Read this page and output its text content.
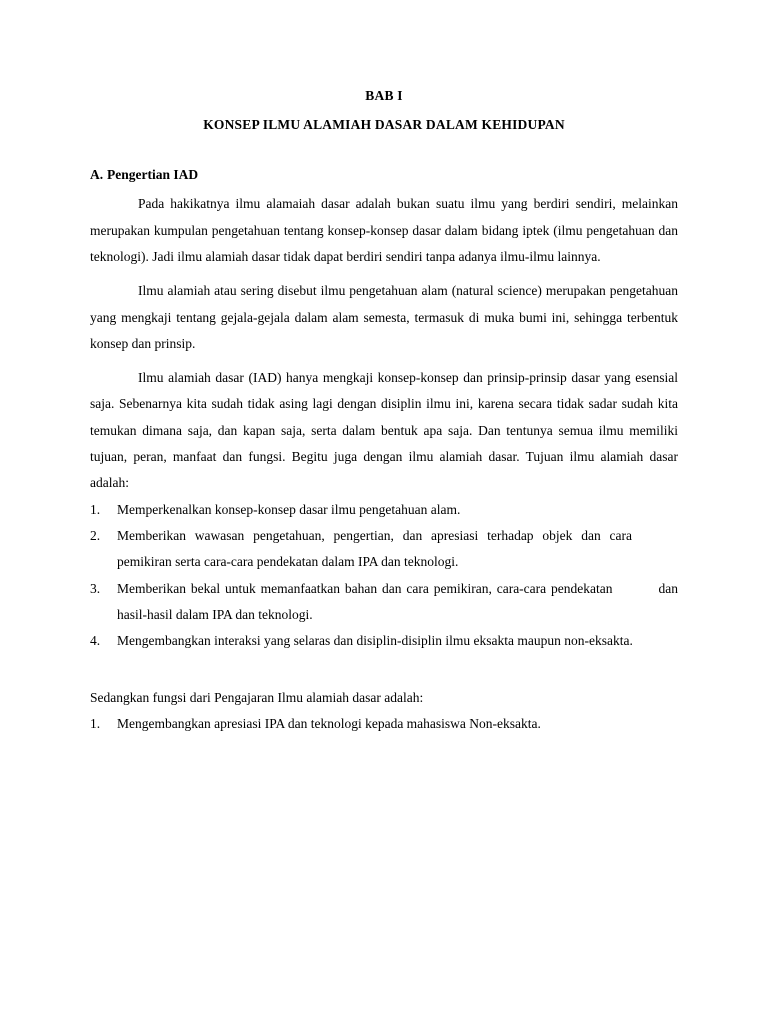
BAB I
KONSEP ILMU ALAMIAH DASAR DALAM KEHIDUPAN
A. Pengertian IAD

Pada hakikatnya ilmu alamaiah dasar adalah bukan suatu ilmu yang berdiri sendiri, melainkan merupakan kumpulan pengetahuan tentang konsep-konsep dasar dalam bidang iptek (ilmu pengetahuan dan teknologi). Jadi ilmu alamiah dasar tidak dapat berdiri sendiri tanpa adanya ilmu-ilmu lainnya.

Ilmu alamiah atau sering disebut ilmu pengetahuan alam (natural science) merupakan pengetahuan yang mengkaji tentang gejala-gejala dalam alam semesta, termasuk di muka bumi ini, sehingga terbentuk konsep dan prinsip.

Ilmu alamiah dasar (IAD) hanya mengkaji konsep-konsep dan prinsip-prinsip dasar yang esensial saja. Sebenarnya kita sudah tidak asing lagi dengan disiplin ilmu ini, karena secara tidak sadar sudah kita temukan dimana saja, dan kapan saja, serta dalam bentuk apa saja. Dan tentunya semua ilmu memiliki tujuan, peran, manfaat dan fungsi. Begitu juga dengan ilmu alamiah dasar. Tujuan ilmu alamiah dasar adalah:

1.	Memperkenalkan konsep-konsep dasar ilmu pengetahuan alam.
2.	Memberikan wawasan pengetahuan, pengertian, dan apresiasi terhadap objek dan carapemikiran serta cara-cara pendekatan dalam IPA dan teknologi.
3.	Memberikan bekal untuk memanfaatkan bahan dan cara pemikiran, cara-cara pendekatan	dan hasil-hasil dalam IPA dan teknologi.
4.	Mengembangkan interaksi yang selaras dan disiplin-disiplin ilmu eksakta maupun non-eksakta.

Sedangkan fungsi dari Pengajaran Ilmu alamiah dasar adalah:

1.	Mengembangkan apresiasi IPA dan teknologi kepada mahasiswa Non-eksakta.
